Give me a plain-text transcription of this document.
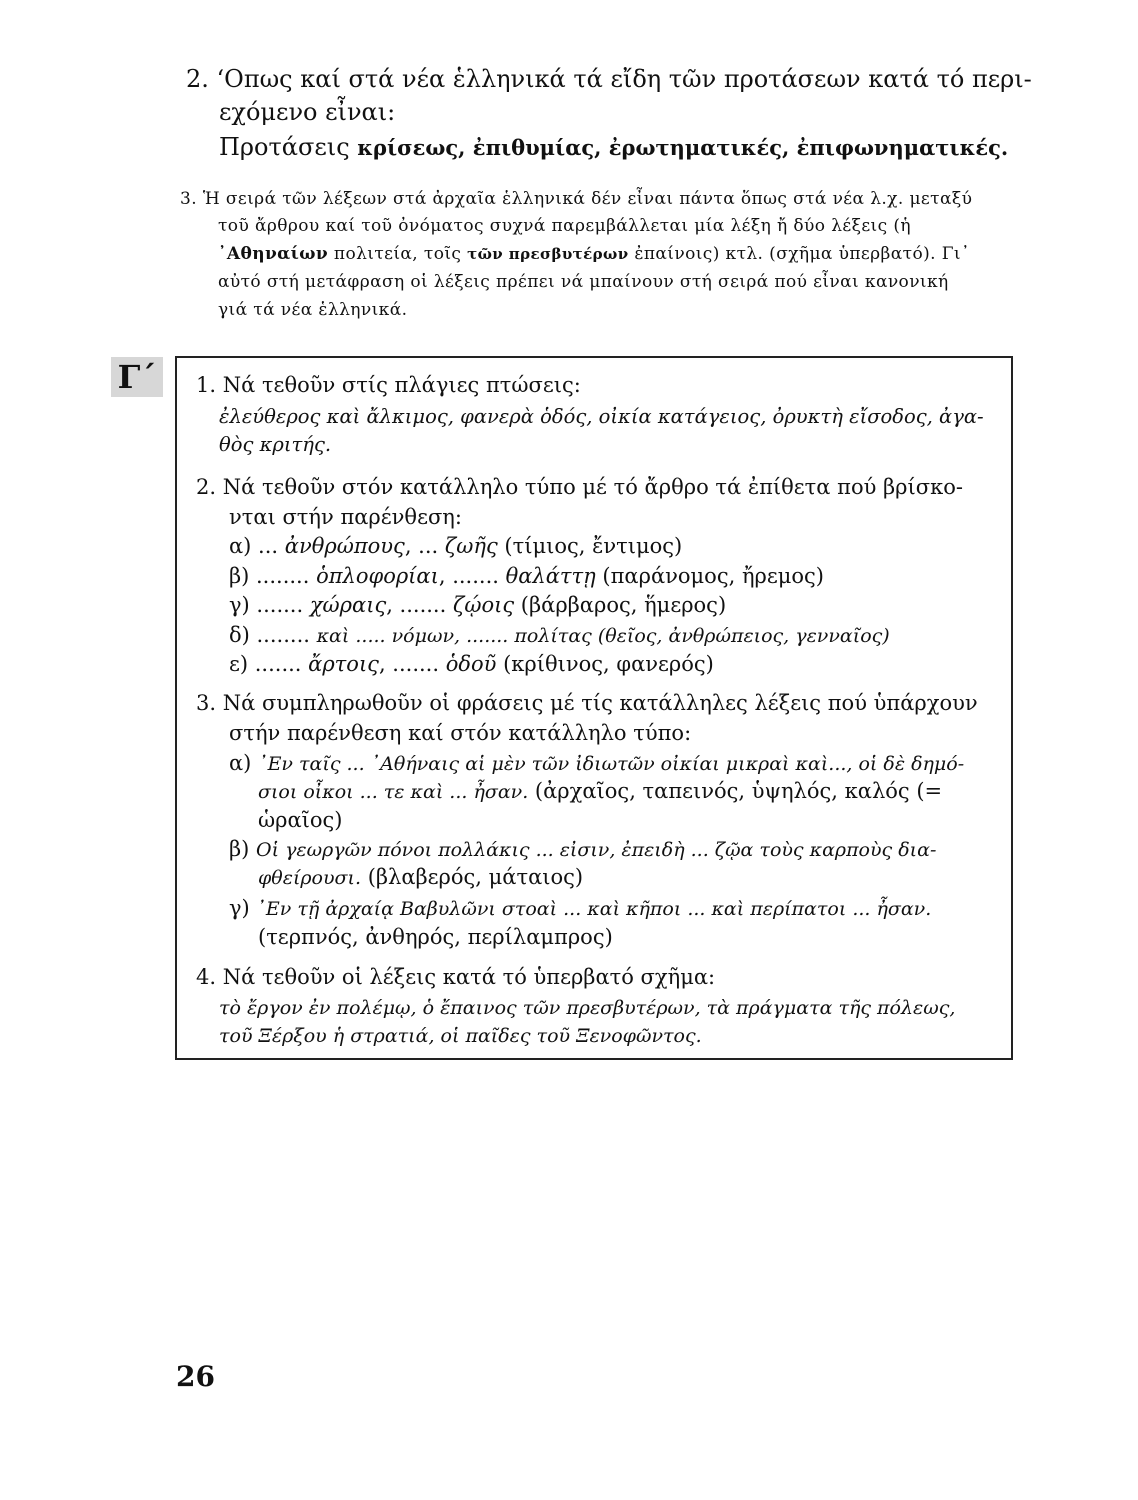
2. ‘Οπως καί στά νέα ἑλληνικά τά εἴδη τῶν προτάσεων κατά τό περι-
εχόμενο εἶναι:
Προτάσεις κρίσεως, ἐπιθυμίας, ἐρωτηματικές, ἐπιφωνηματικές.
3. Ἡ σειρά τῶν λέξεων στά ἀρχαῖα ἑλληνικά δέν εἶναι πάντα ὅπως στά νέα λ.χ. μεταξύ
τοῦ ἄρθρου καί τοῦ ὀνόματος συχνά παρεμβάλλεται μία λέξη ἤ δύο λέξεις (ἡ
᾿Αθηναίων πολιτεία, τοῖς τῶν πρεσβυτέρων ἐπαίνοις) κτλ. (σχῆμα ὑπερβατό). Γι᾿
αὐτό στή μετάφραση οἱ λέξεις πρέπει νά μπαίνουν στή σειρά πού εἶναι κανονική
γιά τά νέα ἑλληνικά.
Γ΄	1. Νά τεθοῦν στίς πλάγιες πτώσεις:
ἐλεύθερος καὶ ἄλκιμος, φανερὰ ὁδός, οἰκία κατάγειος, ὀρυκτὴ εἴσοδος, ἀγα-
θὸς κριτής.
2. Νά τεθοῦν στόν κατάλληλο τύπο μέ τό ἄρθρο τά ἐπίθετα πού βρίσκο-
νται στήν παρένθεση:
α) ... ἀνθρώπους, ... ζωῆς (τίμιος, ἔντιμος)
β) ........ ὁπλοφορίαι, ....... θαλάττῃ (παράνομος, ἤρεμος)
γ) ....... χώραις, ....... ζῴοις (βάρβαρος, ἥμερος)
δ) ........ καὶ ..... νόμων, ....... πολίτας (θεῖος, ἀνθρώπειος, γενναῖος)
ε) ....... ἄρτοις, ....... ὁδοῦ (κρίθινος, φανερός)
3. Νά συμπληρωθοῦν οἱ φράσεις μέ τίς κατάλληλες λέξεις πού ὑπάρχουν
στήν παρένθεση καί στόν κατάλληλο τύπο:
α) ᾿Εν ταῖς ... ᾿Αθήναις αἱ μὲν τῶν ἰδιωτῶν οἰκίαι μικραὶ καὶ..., οἱ δὲ δημό-
σιοι οἶκοι ... τε καὶ ... ἦσαν. (ἀρχαῖος, ταπεινός, ὑψηλός, καλός (=
ὡραῖος)
β) Οἱ γεωργῶν πόνοι πολλάκις ... εἰσιν, ἐπειδὴ ... ζῷα τοὺς καρποὺς δια-
φθείρουσι. (βλαβερός, μάταιος)
γ) ᾿Εν τῇ ἀρχαίᾳ Βαβυλῶνι στοαὶ ... καὶ κῆποι ... καὶ περίπατοι ... ἦσαν.
(τερπνός, ἀνθηρός, περίλαμπρος)
4. Νά τεθοῦν οἱ λέξεις κατά τό ὑπερβατό σχῆμα:
τὸ ἔργον ἐν πολέμῳ, ὁ ἔπαινος τῶν πρεσβυτέρων, τὰ πράγματα τῆς πόλεως,
τοῦ Ξέρξου ἡ στρατιά, οἱ παῖδες τοῦ Ξενοφῶντος.
26
